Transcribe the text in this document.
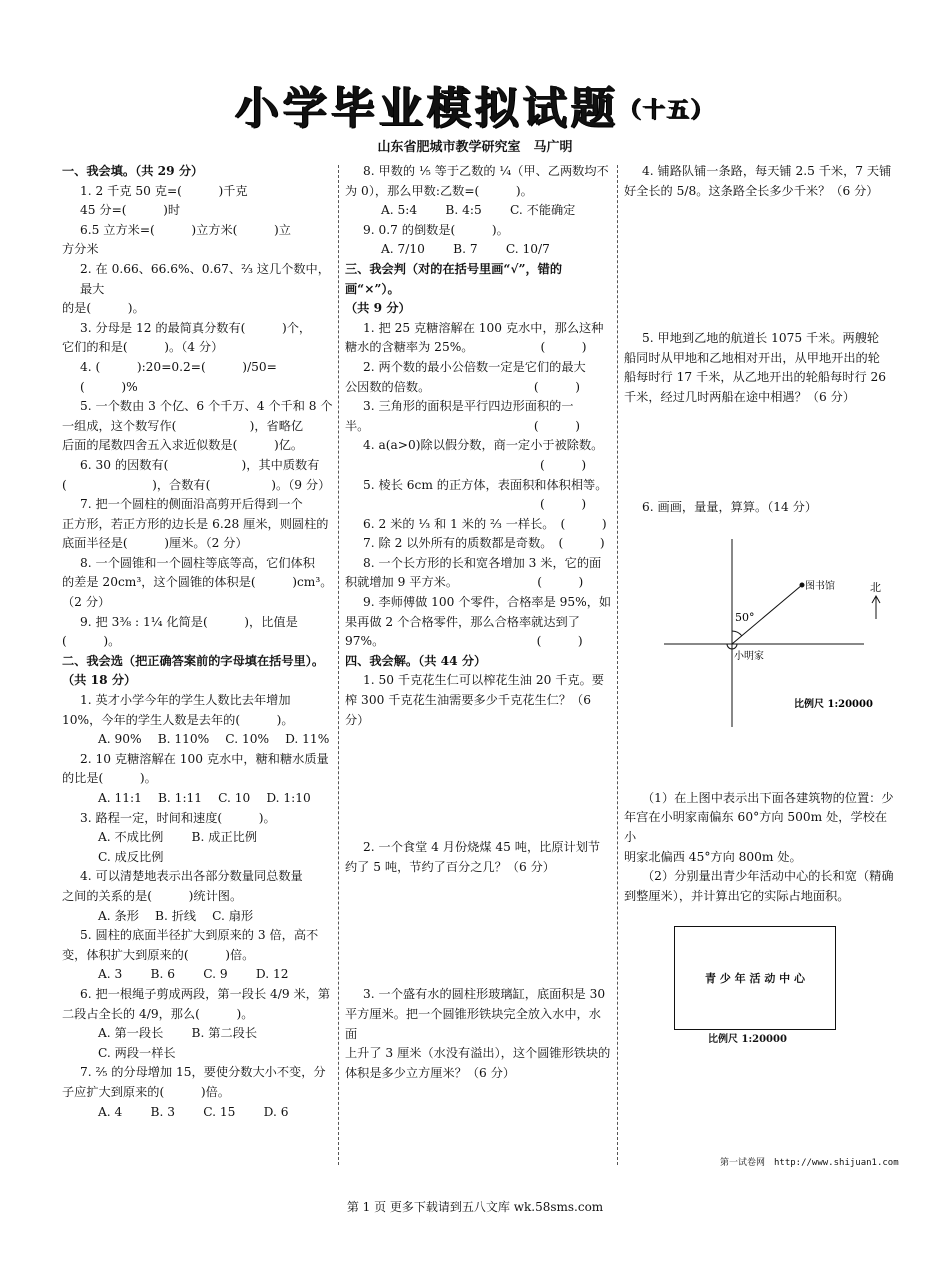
小学毕业模拟试题（十五）
山东省肥城市教学研究室　马广明

一、我会填。（共 29 分）

1. 2 千克 50 克=(　　　)千克

45 分=(　　　)时

6.5 立方米=(　　　)立方米(　　　)立

方分米

2. 在 0.66、66.6%、0.67、⅔ 这几个数中，最大

的是(　　　)。

3. 分母是 12 的最简真分数有(　　　)个，

它们的和是(　　　)。（4 分）

4. (　　　):20=0.2=(　　　)/50=(　　　)%

5. 一个数由 3 个亿、6 个千万、4 个千和 8 个

一组成，这个数写作(　　　　　　)，省略亿

后面的尾数四舍五入求近似数是(　　　)亿。

6. 30 的因数有(　　　　　　)，其中质数有

(　　　　　　　)，合数有(　　　　　)。（9 分）

7. 把一个圆柱的侧面沿高剪开后得到一个

正方形，若正方形的边长是 6.28 厘米，则圆柱的

底面半径是(　　　)厘米。（2 分）

8. 一个圆锥和一个圆柱等底等高，它们体积

的差是 20cm³，这个圆锥的体积是(　　　)cm³。

（2 分）

9. 把 3⅜ : 1¼ 化简是(　　　)，比值是

(　　　)。

二、我会选（把正确答案前的字母填在括号里）。

（共 18 分）

1. 英才小学今年的学生人数比去年增加

10%，今年的学生人数是去年的(　　　)。

A. 90%　 B. 110%　 C. 10%　 D. 11%

2. 10 克糖溶解在 100 克水中，糖和糖水质量

的比是(　　　)。

A. 11:1　 B. 1:11　 C. 10　 D. 1:10

3. 路程一定，时间和速度(　　　)。

A. 不成比例　　 B. 成正比例

C. 成反比例

4. 可以清楚地表示出各部分数量同总数量

之间的关系的是(　　　)统计图。

A. 条形　 B. 折线　 C. 扇形

5. 圆柱的底面半径扩大到原来的 3 倍，高不

变，体积扩大到原来的(　　　)倍。

A. 3　　 B. 6　　 C. 9　　 D. 12

6. 把一根绳子剪成两段，第一段长 4/9 米，第

二段占全长的 4/9，那么(　　　)。

A. 第一段长　　 B. 第二段长

C. 两段一样长

7. ⅖ 的分母增加 15，要使分数大小不变，分

子应扩大到原来的(　　　)倍。

A. 4　　 B. 3　　 C. 15　　 D. 6

8. 甲数的 ⅕ 等于乙数的 ¼（甲、乙两数均不

为 0），那么甲数:乙数=(　　　)。

A. 5:4　　 B. 4:5　　 C. 不能确定

9. 0.7 的倒数是(　　　)。

A. 7/10　　 B. 7　　 C. 10/7

三、我会判（对的在括号里画“√”，错的画“×”）。

（共 9 分）

1. 把 25 克糖溶解在 100 克水中，那么这种

糖水的含糖率为 25%。　　　　　　(　　　)

2. 两个数的最小公倍数一定是它们的最大

公因数的倍数。　　　　　　　　　(　　　)

3. 三角形的面积是平行四边形面积的一

半。　　　　　　　　　　　　　　(　　　)

4. a(a>0)除以假分数，商一定小于被除数。

　　　　　　　　　　　　　　　　(　　　)

5. 棱长 6cm 的正方体，表面积和体积相等。

　　　　　　　　　　　　　　　　(　　　)

6. 2 米的 ⅓ 和 1 米的 ⅔ 一样长。　(　　　)

7. 除 2 以外所有的质数都是奇数。　(　　　)

8. 一个长方形的长和宽各增加 3 米，它的面

积就增加 9 平方米。　　　　　　　(　　　)

9. 李师傅做 100 个零件，合格率是 95%，如

果再做 2 个合格零件，那么合格率就达到了

97%。　　　　　　　　　　　　　(　　　)

四、我会解。（共 44 分）

1. 50 千克花生仁可以榨花生油 20 千克。要

榨 300 千克花生油需要多少千克花生仁？（6 分）

2. 一个食堂 4 月份烧煤 45 吨，比原计划节

约了 5 吨，节约了百分之几？（6 分）

3. 一个盛有水的圆柱形玻璃缸，底面积是 30

平方厘米。把一个圆锥形铁块完全放入水中，水面

上升了 3 厘米（水没有溢出），这个圆锥形铁块的

体积是多少立方厘米？（6 分）

4. 铺路队铺一条路，每天铺 2.5 千米，7 天铺

好全长的 5/8。这条路全长多少千米？（6 分）

5. 甲地到乙地的航道长 1075 千米。两艘轮

船同时从甲地和乙地相对开出，从甲地开出的轮

船每时行 17 千米，从乙地开出的轮船每时行 26

千米，经过几时两船在途中相遇？（6 分）

6. 画画，量量，算算。（14 分）

50°
图书馆	北
小明家
比例尺 1:20000

（1）在上图中表示出下面各建筑物的位置：少

年宫在小明家南偏东 60°方向 500m 处，学校在小

明家北偏西 45°方向 800m 处。

（2）分别量出青少年活动中心的长和宽（精确

到整厘米），并计算出它的实际占地面积。

青 少 年 活 动 中 心

比例尺 1:20000

第一试卷网　http://www.shijuan1.com
第 1 页 更多下载请到五八文库 wk.58sms.com
